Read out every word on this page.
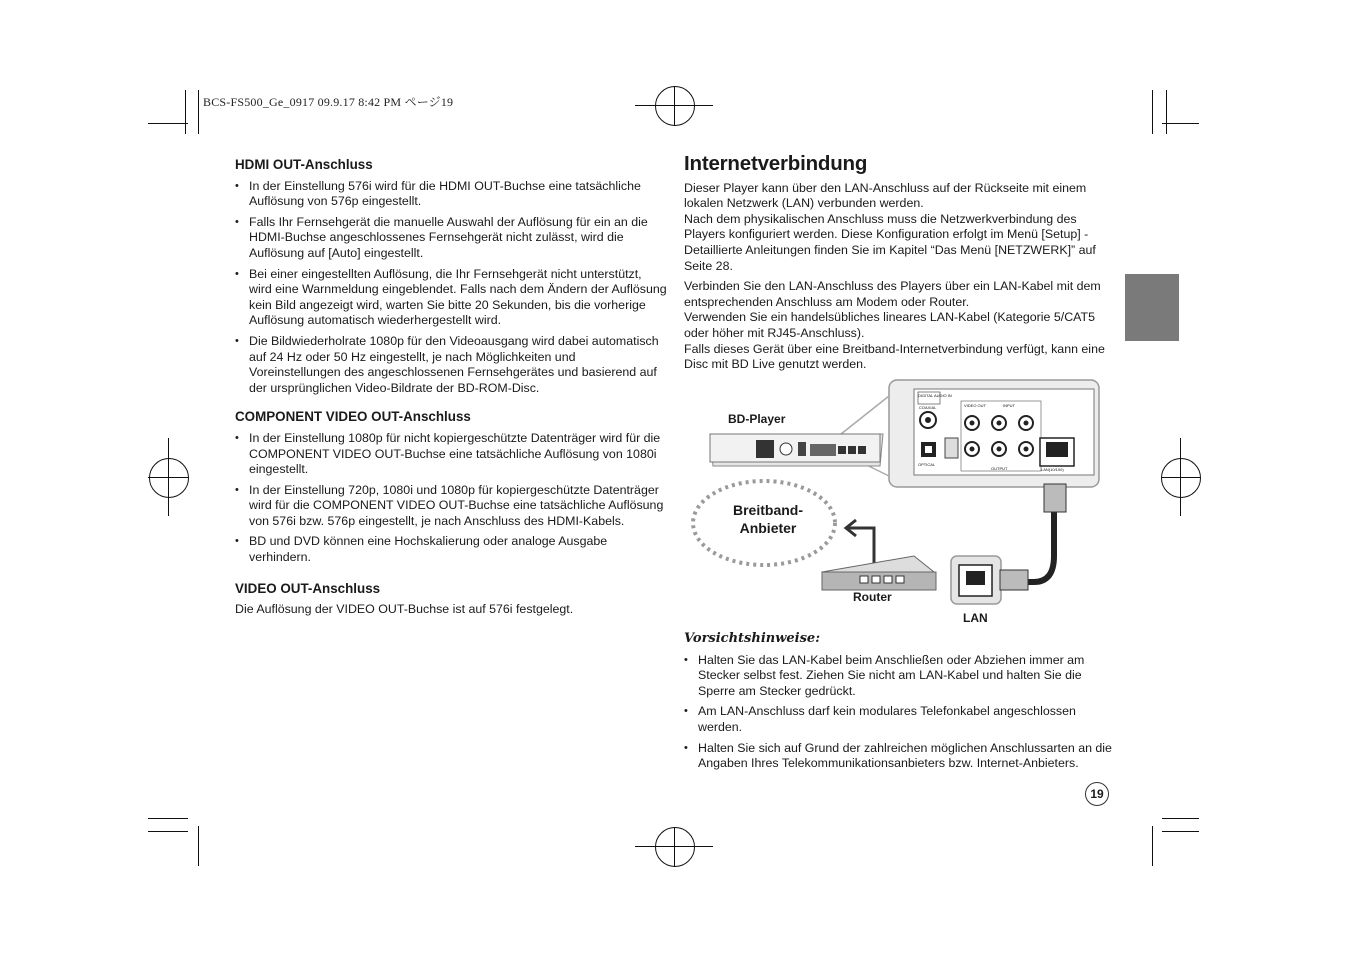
BCS-FS500_Ge_0917 09.9.17 8:42 PM ページ19
HDMI OUT-Anschluss
• In der Einstellung 576i wird für die HDMI OUT-Buchse eine tatsächliche Auflösung von 576p eingestellt.
• Falls Ihr Fernsehgerät die manuelle Auswahl der Auflösung für ein an die HDMI-Buchse angeschlossenes Fernsehgerät nicht zulässt, wird die Auflösung auf [Auto] eingestellt.
• Bei einer eingestellten Auflösung, die Ihr Fernsehgerät nicht unterstützt, wird eine Warnmeldung eingeblendet. Falls nach dem Ändern der Auflösung kein Bild angezeigt wird, warten Sie bitte 20 Sekunden, bis die vorherige Auflösung automatisch wiederhergestellt wird.
• Die Bildwiederholrate 1080p für den Videoausgang wird dabei automatisch auf 24 Hz oder 50 Hz eingestellt, je nach Möglichkeiten und Voreinstellungen des angeschlossenen Fernsehgerätes und basierend auf der ursprünglichen Video-Bildrate der BD-ROM-Disc.
COMPONENT VIDEO OUT-Anschluss
• In der Einstellung 1080p für nicht kopiergeschützte Datenträger wird für die COMPONENT VIDEO OUT-Buchse eine tatsächliche Auflösung von 1080i eingestellt.
• In der Einstellung 720p, 1080i und 1080p für kopiergeschützte Datenträger wird für die COMPONENT VIDEO OUT-Buchse eine tatsächliche Auflösung von 576i bzw. 576p eingestellt, je nach Anschluss des HDMI-Kabels.
• BD und DVD können eine Hochskalierung oder analoge Ausgabe verhindern.
VIDEO OUT-Anschluss

Die Auflösung der VIDEO OUT-Buchse ist auf 576i festgelegt.

Internetverbindung

Dieser Player kann über den LAN-Anschluss auf der Rückseite mit einem lokalen Netzwerk (LAN) verbunden werden.

Nach dem physikalischen Anschluss muss die Netzwerkverbindung des Players konfiguriert werden. Diese Konfiguration erfolgt im Menü [Setup] - Detaillierte Anleitungen finden Sie im Kapitel “Das Menü [NETZWERK]” auf Seite 28.

Verbinden Sie den LAN-Anschluss des Players über ein LAN-Kabel mit dem entsprechenden Anschluss am Modem oder Router.

Verwenden Sie ein handelsübliches lineares LAN-Kabel (Kategorie 5/CAT5 oder höher mit RJ45-Anschluss).

Falls dieses Gerät über eine Breitband-Internetverbindung verfügt, kann eine Disc mit BD Live genutzt werden.

DIGITAL AUDIO IN
COAXIAL
OPTICAL
VIDEO OUT	INPUT
OUTPUT	LAN(10/100)
BD-Player
Breitband-
Anbieter
Router
LAN
Vorsichtshinweise:
• Halten Sie das LAN-Kabel beim Anschließen oder Abziehen immer am Stecker selbst fest. Ziehen Sie nicht am LAN-Kabel und halten Sie die Sperre am Stecker gedrückt.
• Am LAN-Anschluss darf kein modulares Telefonkabel angeschlossen werden.
• Halten Sie sich auf Grund der zahlreichen möglichen Anschlussarten an die Angaben Ihres Telekommunikationsanbieters bzw. Internet-Anbieters.
19
